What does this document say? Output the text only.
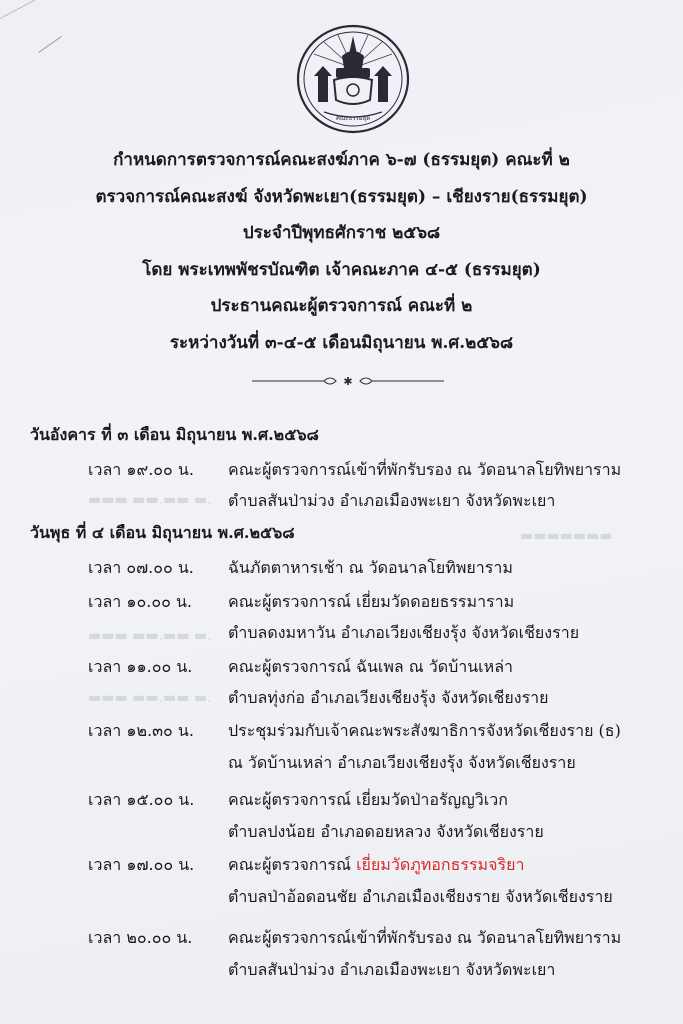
คณะธรรมยุต
กำหนดการตรวจการณ์คณะสงฆ์ภาค ๖-๗ (ธรรมยุต) คณะที่ ๒
ตรวจการณ์คณะสงฆ์ จังหวัดพะเยา(ธรรมยุต) – เชียงราย(ธรรมยุต)
ประจำปีพุทธศักราช ๒๕๖๘
โดย พระเทพพัชรบัณฑิต เจ้าคณะภาค ๔-๕ (ธรรมยุต)
ประธานคณะผู้ตรวจการณ์ คณะที่ ๒
ระหว่างวันที่ ๓-๔-๕ เดือนมิถุนายน พ.ศ.๒๕๖๘
✱
▬▬▬ ▬▬.▬▬ ▬.
▬▬▬▬▬▬▬
▬▬▬ ▬▬.▬▬ ▬.
▬▬▬ ▬▬.▬▬ ▬.
วันอังคาร ที่ ๓ เดือน มิถุนายน พ.ศ.๒๕๖๘
เวลา ๑๙.๐๐ น. คณะผู้ตรวจการณ์เข้าที่พักรับรอง ณ วัดอนาลโยทิพยาราม
ตำบลสันป่าม่วง อำเภอเมืองพะเยา จังหวัดพะเยา
วันพุธ ที่ ๔ เดือน มิถุนายน พ.ศ.๒๕๖๘
เวลา ๐๗.๐๐ น. ฉันภัตตาหารเช้า ณ วัดอนาลโยทิพยาราม
เวลา ๑๐.๐๐ น. คณะผู้ตรวจการณ์ เยี่ยมวัดดอยธรรมาราม
ตำบลดงมหาวัน อำเภอเวียงเชียงรุ้ง จังหวัดเชียงราย
เวลา ๑๑.๐๐ น. คณะผู้ตรวจการณ์ ฉันเพล ณ วัดบ้านเหล่า
ตำบลทุ่งก่อ อำเภอเวียงเชียงรุ้ง จังหวัดเชียงราย
เวลา ๑๒.๓๐ น. ประชุมร่วมกับเจ้าคณะพระสังฆาธิการจังหวัดเชียงราย (ธ)
ณ วัดบ้านเหล่า อำเภอเวียงเชียงรุ้ง จังหวัดเชียงราย
เวลา ๑๕.๐๐ น. คณะผู้ตรวจการณ์ เยี่ยมวัดป่าอรัญญวิเวก
ตำบลปงน้อย อำเภอดอยหลวง จังหวัดเชียงราย
เวลา ๑๗.๐๐ น. คณะผู้ตรวจการณ์ เยี่ยมวัดภูทอกธรรมจริยา
ตำบลป่าอ้อดอนชัย อำเภอเมืองเชียงราย จังหวัดเชียงราย
เวลา ๒๐.๐๐ น. คณะผู้ตรวจการณ์เข้าที่พักรับรอง ณ วัดอนาลโยทิพยาราม
ตำบลสันป่าม่วง อำเภอเมืองพะเยา จังหวัดพะเยา
